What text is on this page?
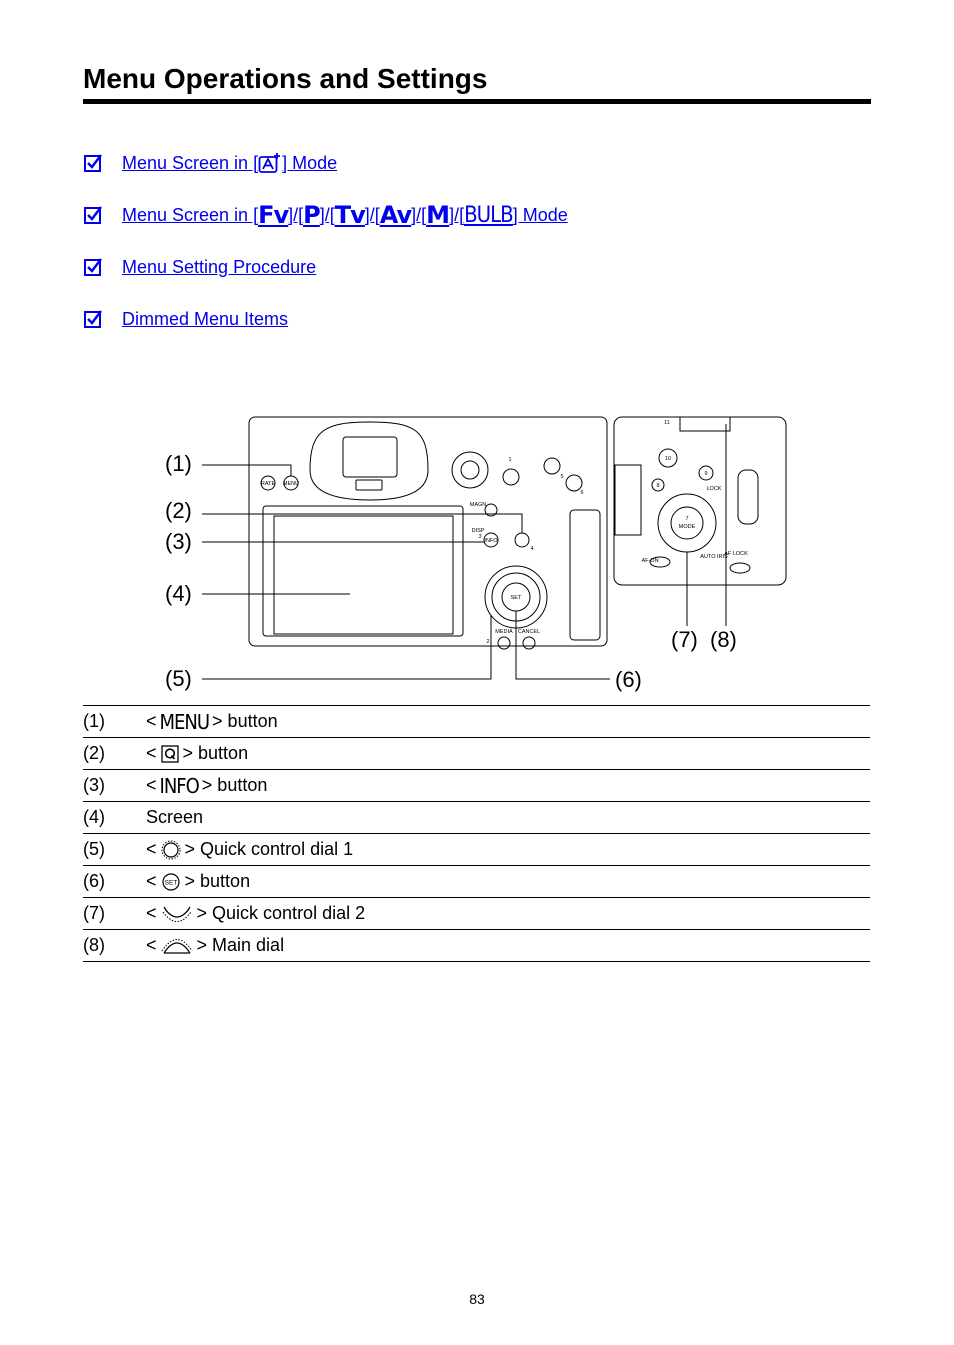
Menu Operations and Settings
Menu Screen in [ ] Mode
Menu Screen in [ Fv ]/[ P ]/[ Tv ]/[ Av ]/[ M ]/[ BULB ] Mode
Menu Setting Procedure
Dimmed Menu Items
RATE MENU
MAGN
DISP
INFO
SET
MEDIA CANCEL
1
2
3
4
5
6
7
MODE
8
9
10
11
LOCK
AF-ON
AUTO IRIS
AF LOCK
(1)
(2)
(3)
(4)
(5)	(6)
(7) (8)
(1)	< MENU > button

(2)	< > button

(3)	< INFO > button

(4)	Screen
(5)	< > Quick control dial 1

(6)	< SET > button

(7)	< > Quick control dial 2

(8)	< > Main dial
83
